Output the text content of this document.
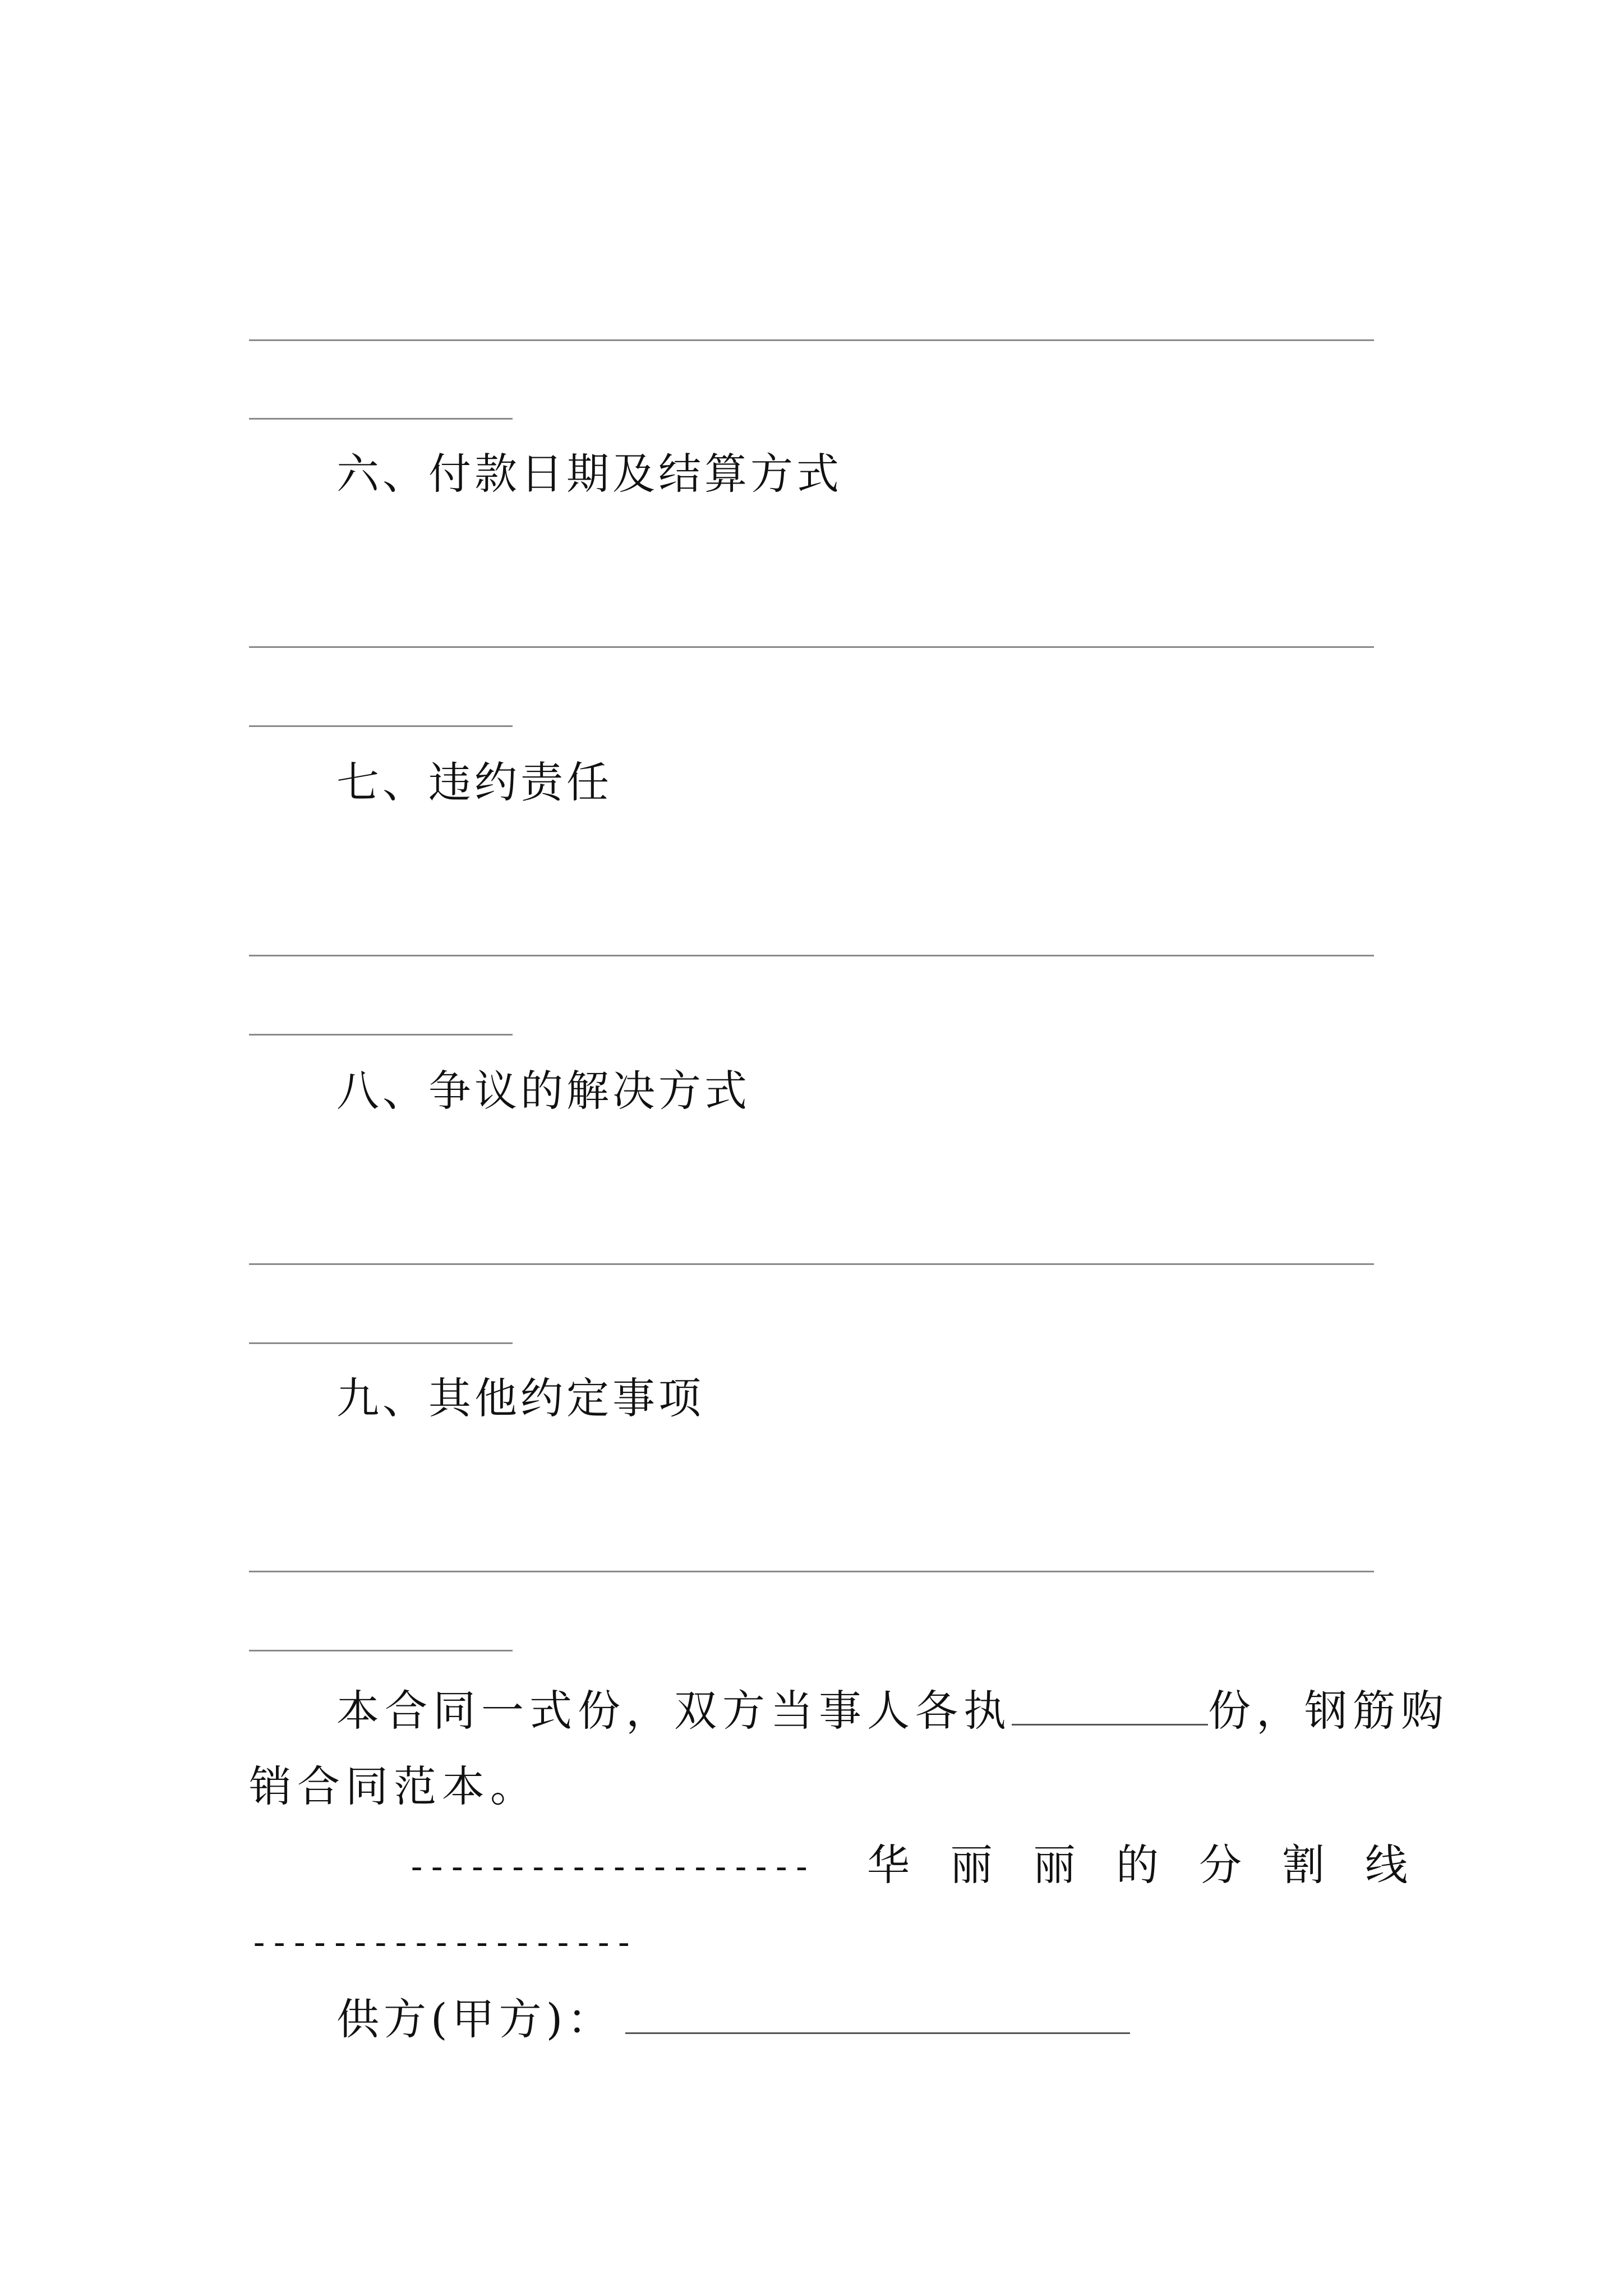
六、付款日期及结算方式
七、违约责任
八、争议的解决方式
九、其他约定事项
本合同一式份，双方当事人各执	份，钢筋购
销合同范本。
--------------------	华 丽 丽 的 分 割 线
-------------------
供方(甲方)：
